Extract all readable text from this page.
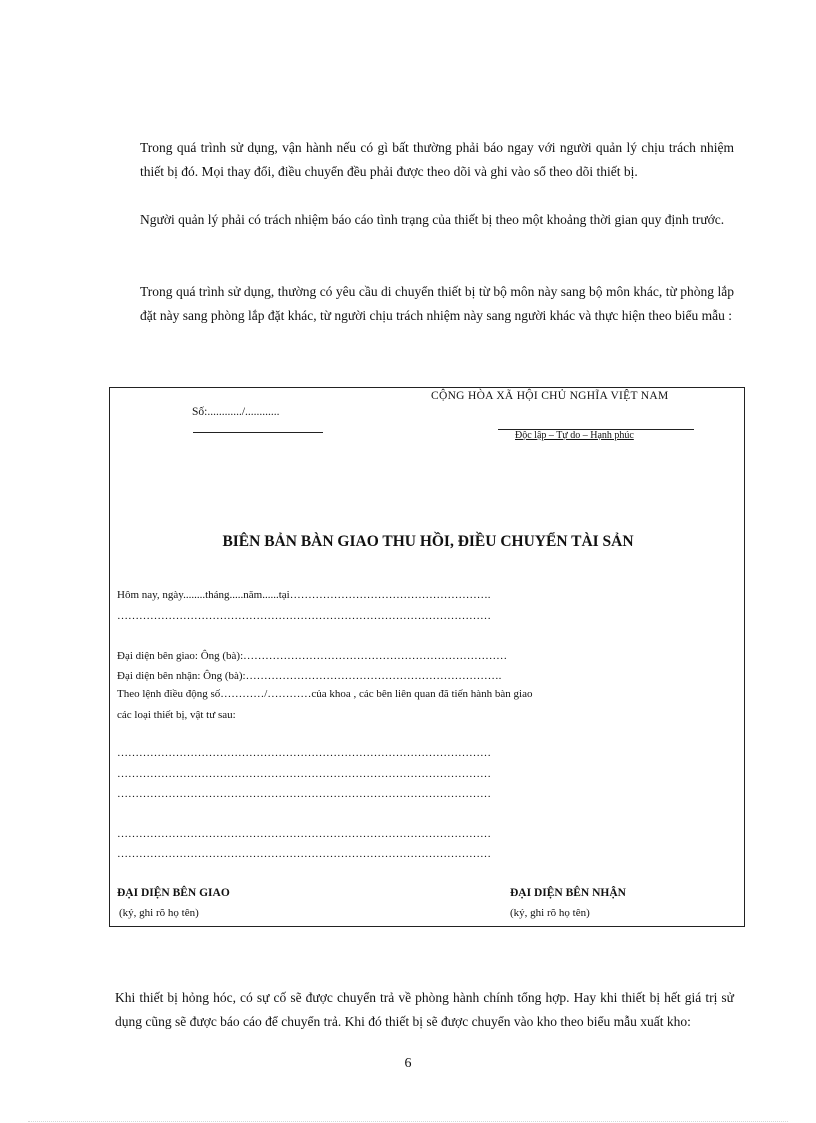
Trong quá trình sử dụng, vận hành nếu có gì bất thường phải báo ngay với người quản lý chịu trách nhiệm thiết bị đó. Mọi thay đổi, điều chuyển đều phải được theo dõi và ghi vào sổ theo dõi thiết bị.

Người quản lý phải có trách nhiệm báo cáo tình trạng của thiết bị theo một khoảng thời gian quy định trước.

Trong quá trình sử dụng, thường có yêu cầu di chuyển thiết bị từ bộ môn này sang bộ môn khác, từ phòng lắp đặt này sang phòng lắp đặt khác, từ người chịu trách nhiệm này sang người khác và thực hiện theo biểu mẫu :

CỘNG HÒA XÃ HỘI CHỦ NGHĨA VIỆT NAM
Số:............/............
Độc lập – Tự do – Hạnh phúc
BIÊN BẢN BÀN GIAO THU HỒI, ĐIỀU CHUYỂN TÀI SẢN
Hôm nay, ngày........tháng.....năm......tại……………………………………………….
…………………………………………………………………………………………
Đại diện bên giao: Ông (bà):………………………………………………………………
Đại diện bên nhận: Ông (bà):…………………………………………………………….
Theo lệnh điều động số…………/…………của khoa , các bên liên quan đã tiến hành bàn giao
các loại thiết bị, vật tư sau:
…………………………………………………………………………………………
…………………………………………………………………………………………
…………………………………………………………………………………………
…………………………………………………………………………………………
…………………………………………………………………………………………
ĐẠI DIỆN BÊN GIAO
(ký, ghi rõ họ tên)
ĐẠI DIỆN BÊN NHẬN
(ký, ghi rõ họ tên)

Khi thiết bị hỏng hóc, có sự cố sẽ được chuyển trả về phòng hành chính tổng hợp. Hay khi thiết bị hết giá trị sử dụng cũng sẽ được báo cáo để chuyển trả. Khi đó thiết bị sẽ được chuyển vào kho theo biểu mẫu xuất kho:

6
